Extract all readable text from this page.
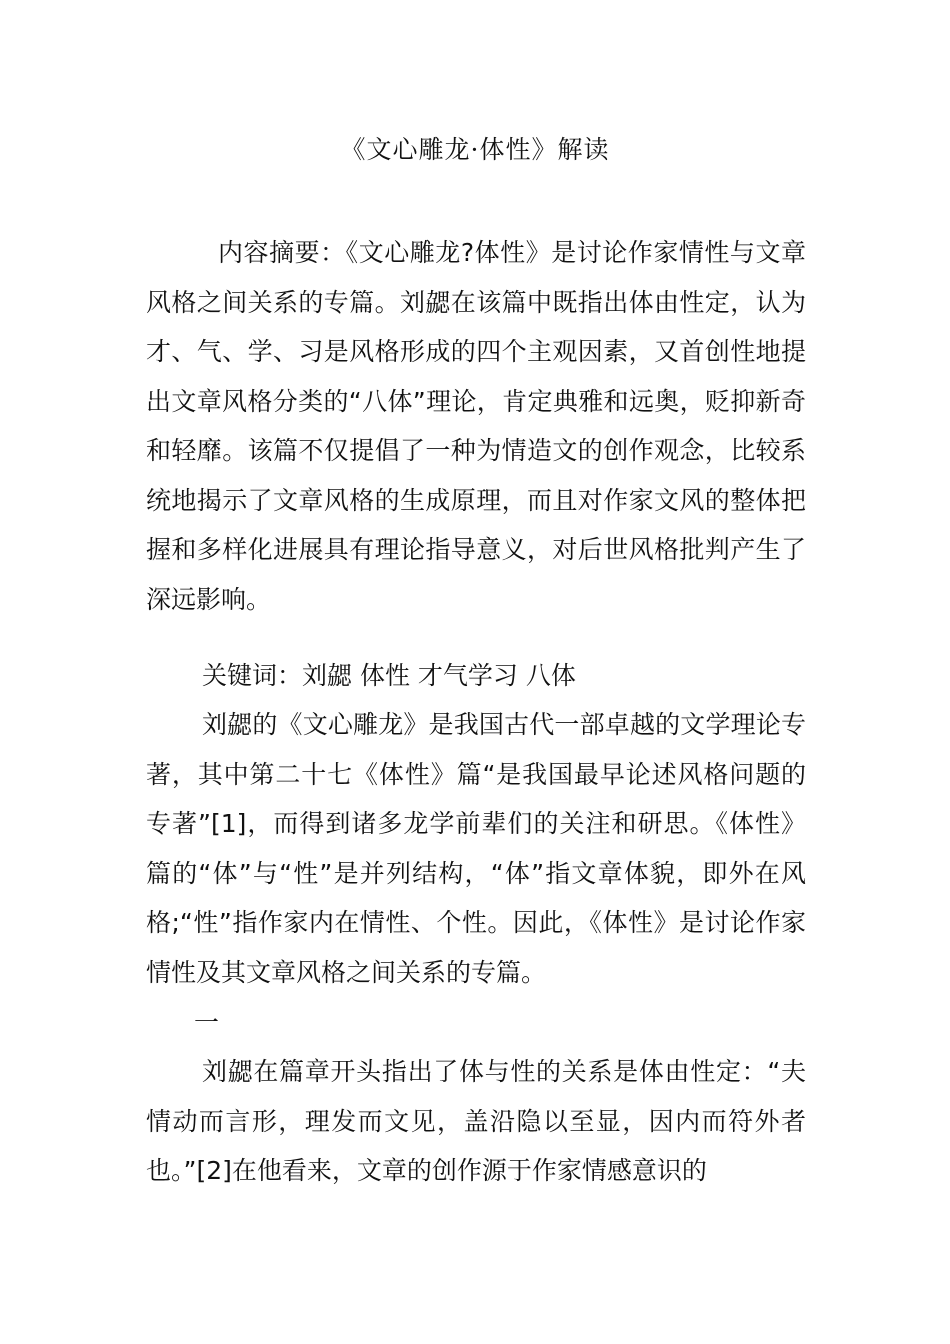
《文心雕龙·体性》解读

内容摘要：《文心雕龙?体性》是讨论作家情性与文章风格之间关系的专篇。刘勰在该篇中既指出体由性定，认为才、气、学、习是风格形成的四个主观因素，又首创性地提出文章风格分类的“八体”理论，肯定典雅和远奥，贬抑新奇和轻靡。该篇不仅提倡了一种为情造文的创作观念，比较系统地揭示了文章风格的生成原理，而且对作家文风的整体把握和多样化进展具有理论指导意义，对后世风格批判产生了深远影响。

关键词：刘勰 体性 才气学习 八体

刘勰的《文心雕龙》是我国古代一部卓越的文学理论专著，其中第二十七《体性》篇“是我国最早论述风格问题的专著”[1]，而得到诸多龙学前辈们的关注和研思。《体性》篇的“体”与“性”是并列结构，“体”指文章体貌，即外在风格;“性”指作家内在情性、个性。因此，《体性》是讨论作家情性及其文章风格之间关系的专篇。

一

刘勰在篇章开头指出了体与性的关系是体由性定：“夫情动而言形，理发而文见，盖沿隐以至显，因内而符外者也。”[2]在他看来，文章的创作源于作家情感意识的
